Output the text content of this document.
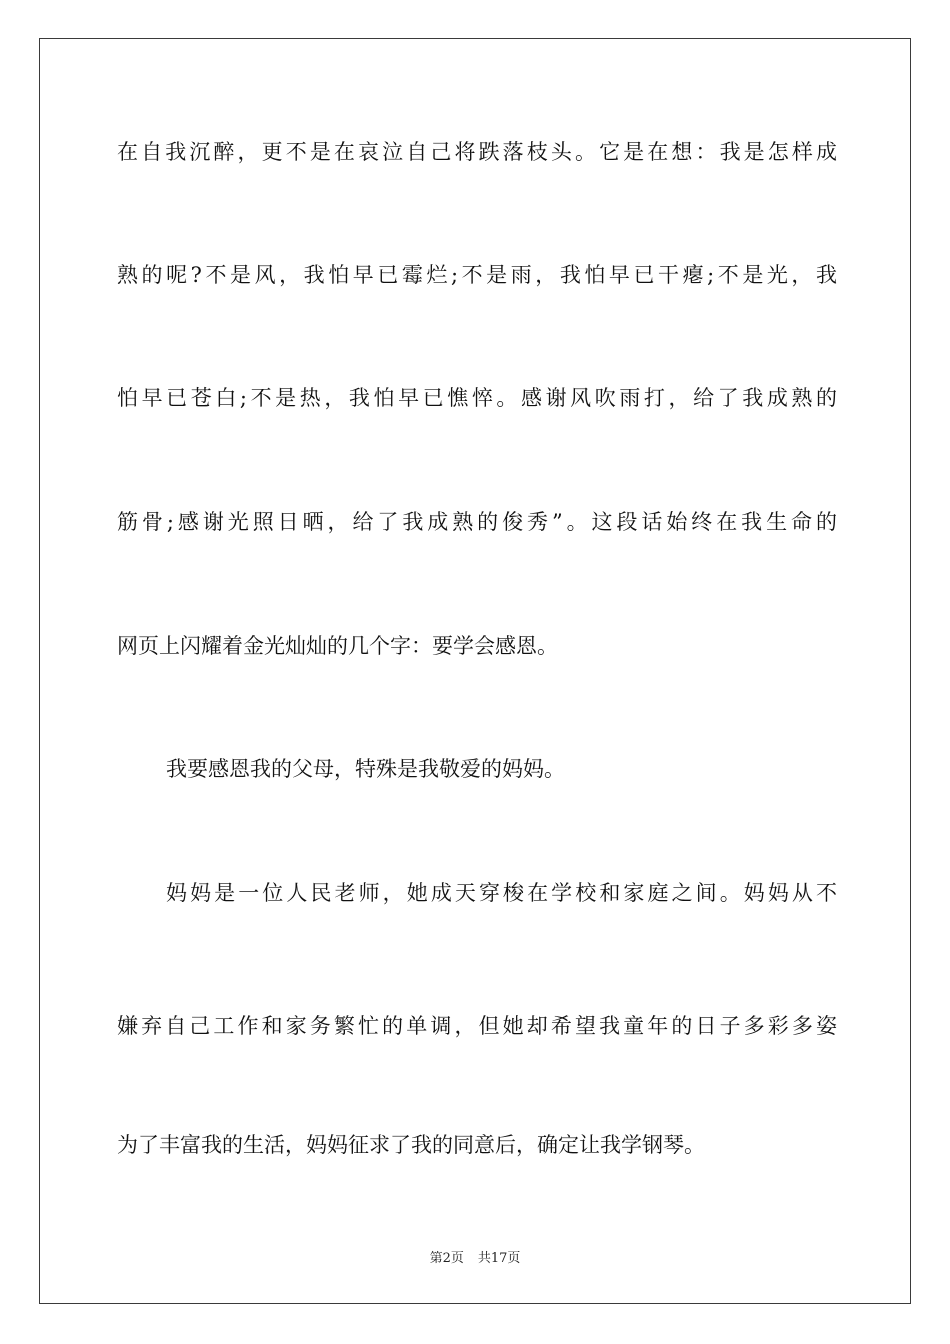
在自我沉醉，更不是在哀泣自己将跌落枝头。它是在想：我是怎样成
熟的呢?不是风，我怕早已霉烂;不是雨，我怕早已干瘪;不是光，我
怕早已苍白;不是热，我怕早已憔悴。感谢风吹雨打，给了我成熟的
筋骨;感谢光照日晒，给了我成熟的俊秀”。这段话始终在我生命的
网页上闪耀着金光灿灿的几个字：要学会感恩。
我要感恩我的父母，特殊是我敬爱的妈妈。
妈妈是一位人民老师，她成天穿梭在学校和家庭之间。妈妈从不
嫌弃自己工作和家务繁忙的单调，但她却希望我童年的日子多彩多姿
为了丰富我的生活，妈妈征求了我的同意后，确定让我学钢琴。
第2页 共17页
